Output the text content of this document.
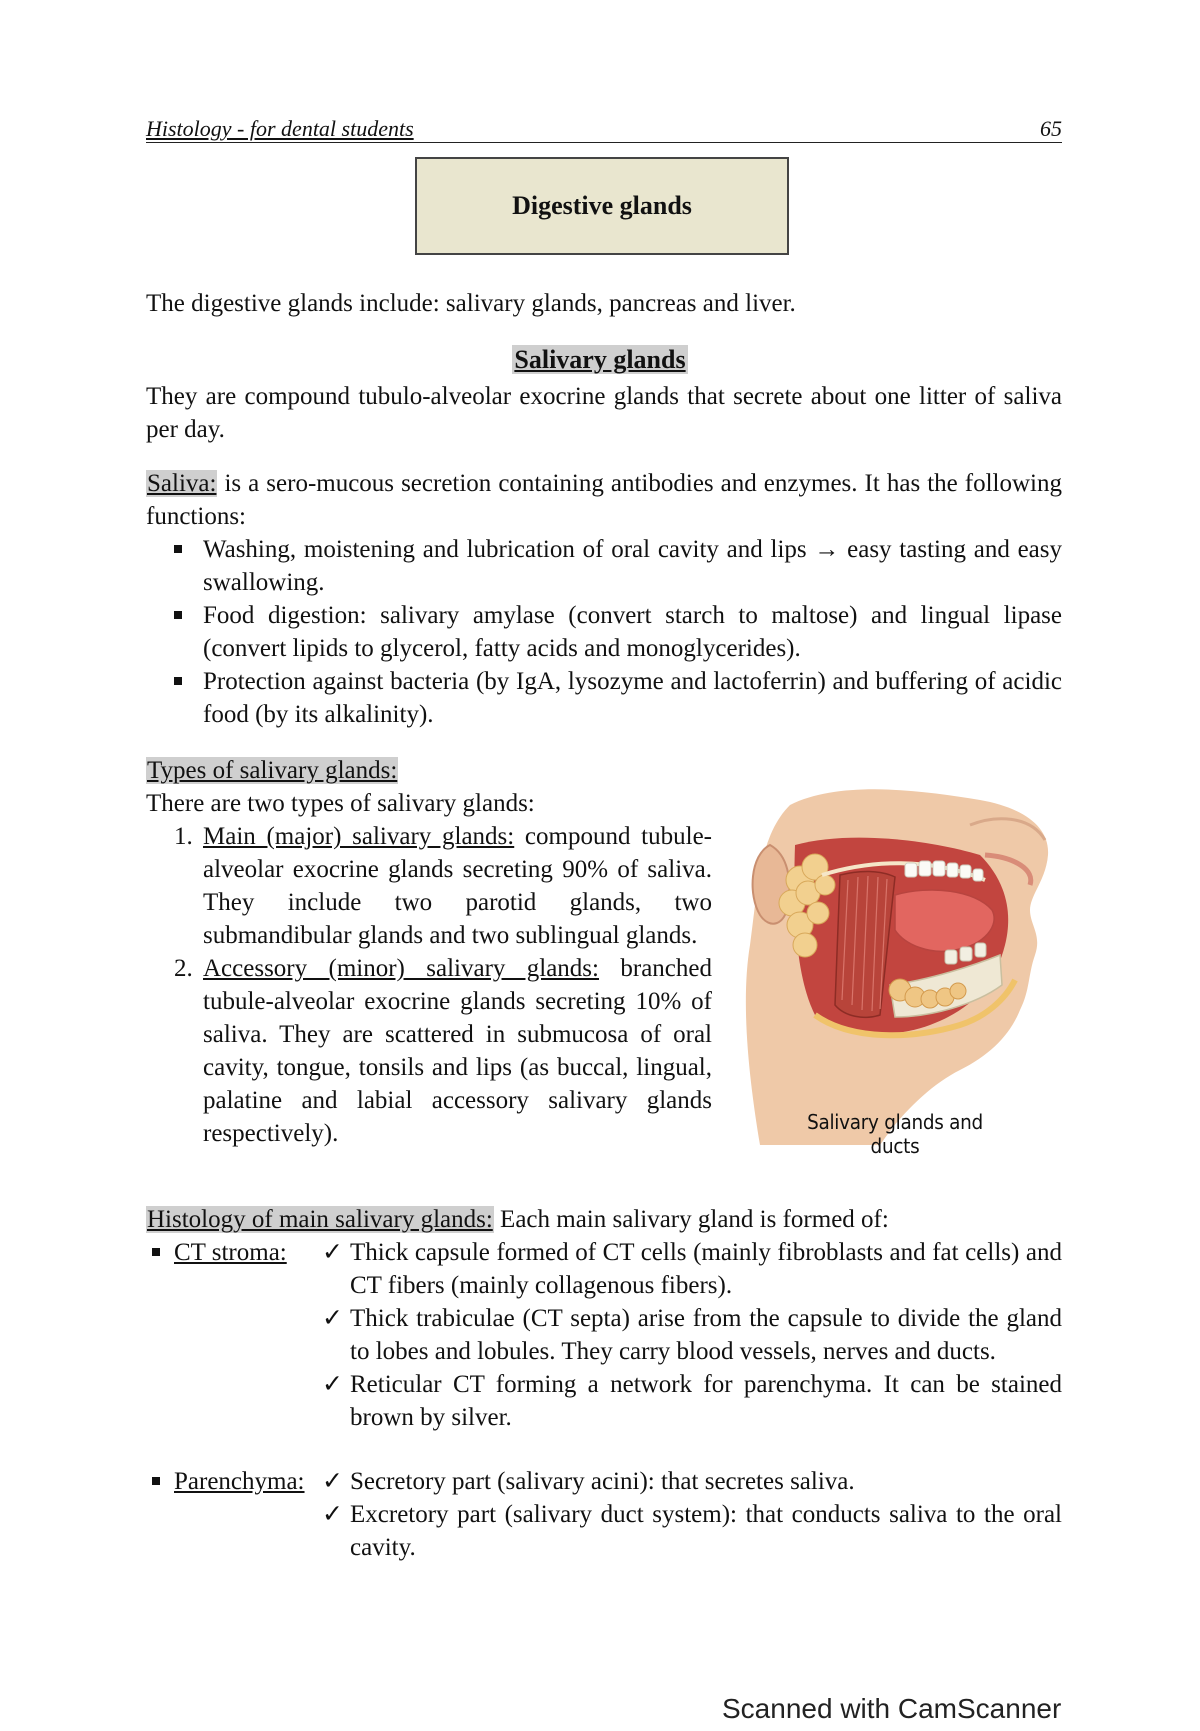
Histology - for dental students	65
Digestive glands
The digestive glands include: salivary glands, pancreas and liver.
Salivary glands
They are compound tubulo-alveolar exocrine glands that secrete about one litter of saliva per day.
Saliva: is a sero-mucous secretion containing antibodies and enzymes. It has the following functions:
Washing, moistening and lubrication of oral cavity and lips → easy tasting and easy swallowing.
Food digestion: salivary amylase (convert starch to maltose) and lingual lipase (convert lipids to glycerol, fatty acids and monoglycerides).
Protection against bacteria (by IgA, lysozyme and lactoferrin) and buffering of acidic food (by its alkalinity).
Types of salivary glands:
There are two types of salivary glands:
1. Main (major) salivary glands: compound tubule-alveolar exocrine glands secreting 90% of saliva. They include two parotid glands, two submandibular glands and two sublingual glands.
2. Accessory (minor) salivary glands: branched tubule-alveolar exocrine glands secreting 10% of saliva. They are scattered in submucosa of oral cavity, tongue, tonsils and lips (as buccal, lingual, palatine and labial accessory salivary glands respectively).	Salivary glands and ducts
Histology of main salivary glands: Each main salivary gland is formed of:
CT stroma: ✓ Thick capsule formed of CT cells (mainly fibroblasts and fat cells) and CT fibers (mainly collagenous fibers).
✓ Thick trabiculae (CT septa) arise from the capsule to divide the gland to lobes and lobules. They carry blood vessels, nerves and ducts.
✓ Reticular CT forming a network for parenchyma. It can be stained brown by silver.
Parenchyma: ✓ Secretory part (salivary acini): that secretes saliva.
✓ Excretory part (salivary duct system): that conducts saliva to the oral cavity.
Scanned with CamScanner
